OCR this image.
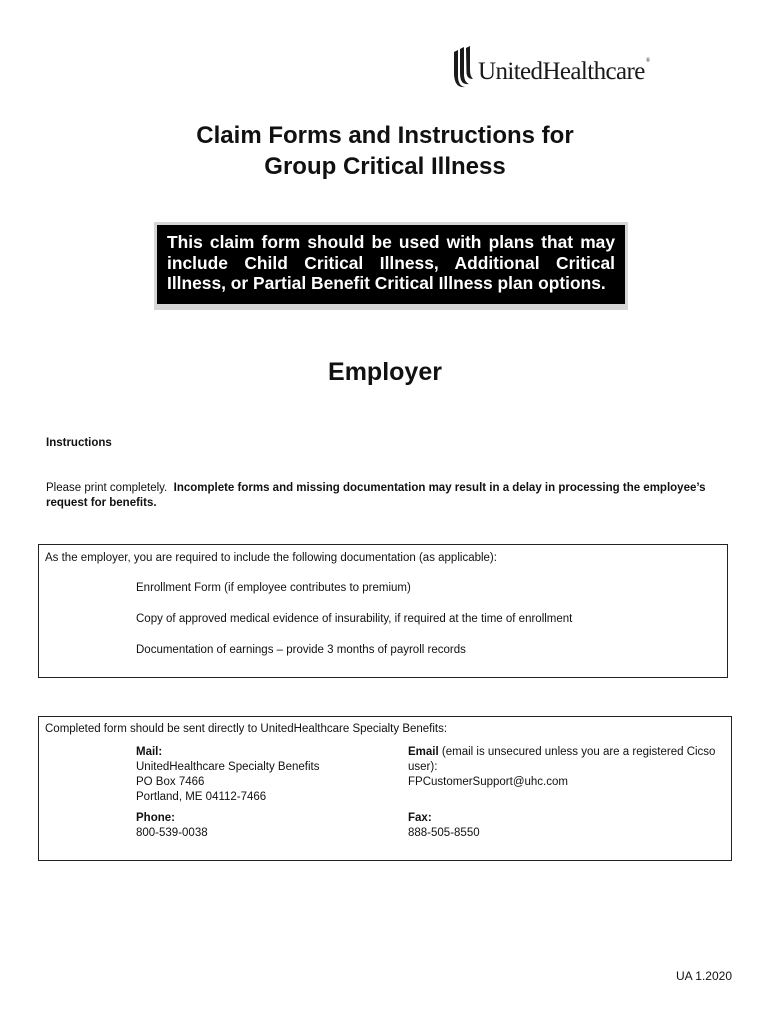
UnitedHealthcare®
Claim Forms and Instructions for
Group Critical Illness
This claim form should be used with plans that may include Child Critical Illness, Additional Critical Illness, or Partial Benefit Critical Illness plan options.
Employer
Instructions
Please print completely. Incomplete forms and missing documentation may result in a delay in processing the employee’s request for benefits.
As the employer, you are required to include the following documentation (as applicable):
Enrollment Form (if employee contributes to premium)
Copy of approved medical evidence of insurability, if required at the time of enrollment
Documentation of earnings – provide 3 months of payroll records
Completed form should be sent directly to UnitedHealthcare Specialty Benefits:
Mail:
UnitedHealthcare Specialty Benefits
PO Box 7466
Portland, ME 04112-7466
Email (email is unsecured unless you are a registered Cicso user):
FPCustomerSupport@uhc.com
Phone:
800-539-0038
Fax:
888-505-8550
UA 1.2020
